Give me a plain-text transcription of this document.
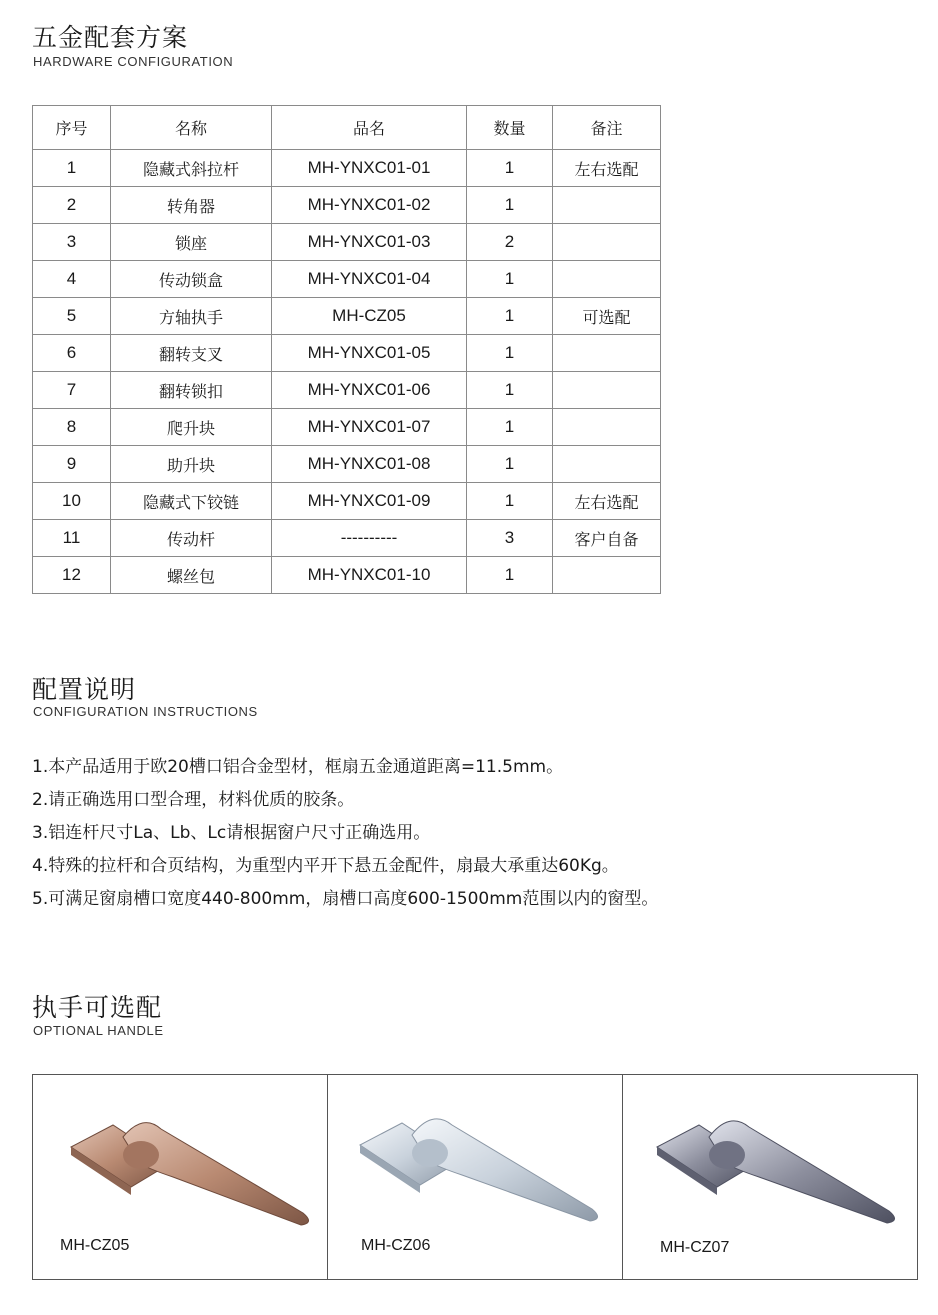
五金配套方案
HARDWARE CONFIGURATION
序号	名称	品名	数量	备注
1	隐藏式斜拉杆	MH-YNXC01-01	1	左右选配
2	转角器	MH-YNXC01-02	1	
3	锁座	MH-YNXC01-03	2	
4	传动锁盒	MH-YNXC01-04	1	
5	方轴执手	MH-CZ05	1	可选配
6	翻转支叉	MH-YNXC01-05	1	
7	翻转锁扣	MH-YNXC01-06	1	
8	爬升块	MH-YNXC01-07	1	
9	助升块	MH-YNXC01-08	1	
10	隐藏式下铰链	MH-YNXC01-09	1	左右选配
11	传动杆	----------	3	客户自备
12	螺丝包	MH-YNXC01-10	1	
配置说明
CONFIGURATION INSTRUCTIONS
1.本产品适用于欧20槽口铝合金型材，框扇五金通道距离=11.5mm。
2.请正确选用口型合理，材料优质的胶条。
3.铝连杆尺寸La、Lb、Lc请根据窗户尺寸正确选用。
4.特殊的拉杆和合页结构，为重型内平开下悬五金配件，扇最大承重达60Kg。
5.可满足窗扇槽口宽度440-800mm，扇槽口高度600-1500mm范围以内的窗型。
执手可选配
OPTIONAL HANDLE
MH-CZ05	MH-CZ06	MH-CZ07
